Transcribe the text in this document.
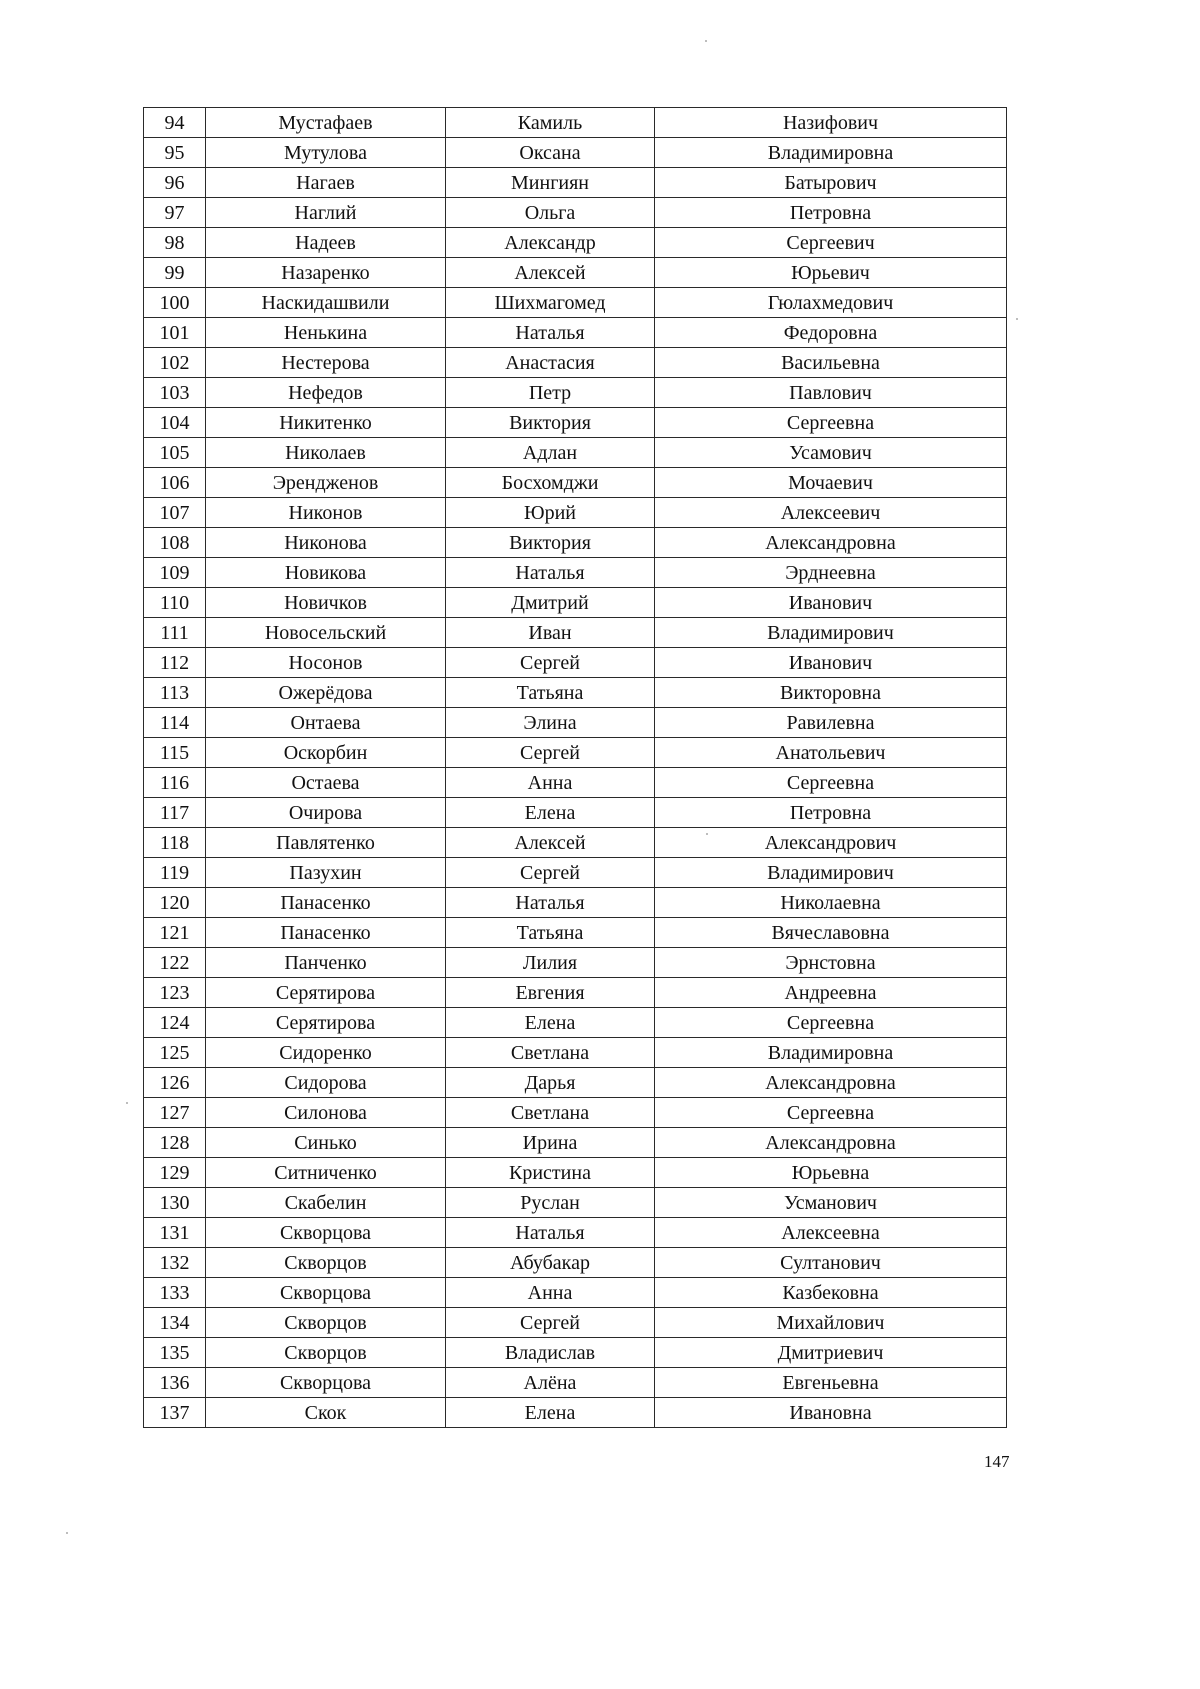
94	Мустафаев	Камиль	Назифович
95	Мутулова	Оксана	Владимировна
96	Нагаев	Мингиян	Батырович
97	Наглий	Ольга	Петровна
98	Надеев	Александр	Сергеевич
99	Назаренко	Алексей	Юрьевич
100	Наскидашвили	Шихмагомед	Гюлахмедович
101	Ненькина	Наталья	Федоровна
102	Нестерова	Анастасия	Васильевна
103	Нефедов	Петр	Павлович
104	Никитенко	Виктория	Сергеевна
105	Николаев	Адлан	Усамович
106	Эрендженов	Босхомджи	Мочаевич
107	Никонов	Юрий	Алексеевич
108	Никонова	Виктория	Александровна
109	Новикова	Наталья	Эрднеевна
110	Новичков	Дмитрий	Иванович
111	Новосельский	Иван	Владимирович
112	Носонов	Сергей	Иванович
113	Ожерёдова	Татьяна	Викторовна
114	Онтаева	Элина	Равилевна
115	Оскорбин	Сергей	Анатольевич
116	Остаева	Анна	Сергеевна
117	Очирова	Елена	Петровна
118	Павлятенко	Алексей	Александрович
119	Пазухин	Сергей	Владимирович
120	Панасенко	Наталья	Николаевна
121	Панасенко	Татьяна	Вячеславовна
122	Панченко	Лилия	Эрнстовна
123	Серятирова	Евгения	Андреевна
124	Серятирова	Елена	Сергеевна
125	Сидоренко	Светлана	Владимировна
126	Сидорова	Дарья	Александровна
127	Силонова	Светлана	Сергеевна
128	Синько	Ирина	Александровна
129	Ситниченко	Кристина	Юрьевна
130	Скабелин	Руслан	Усманович
131	Скворцова	Наталья	Алексеевна
132	Скворцов	Абубакар	Султанович
133	Скворцова	Анна	Казбековна
134	Скворцов	Сергей	Михайлович
135	Скворцов	Владислав	Дмитриевич
136	Скворцова	Алёна	Евгеньевна
137	Скок	Елена	Ивановна
147
